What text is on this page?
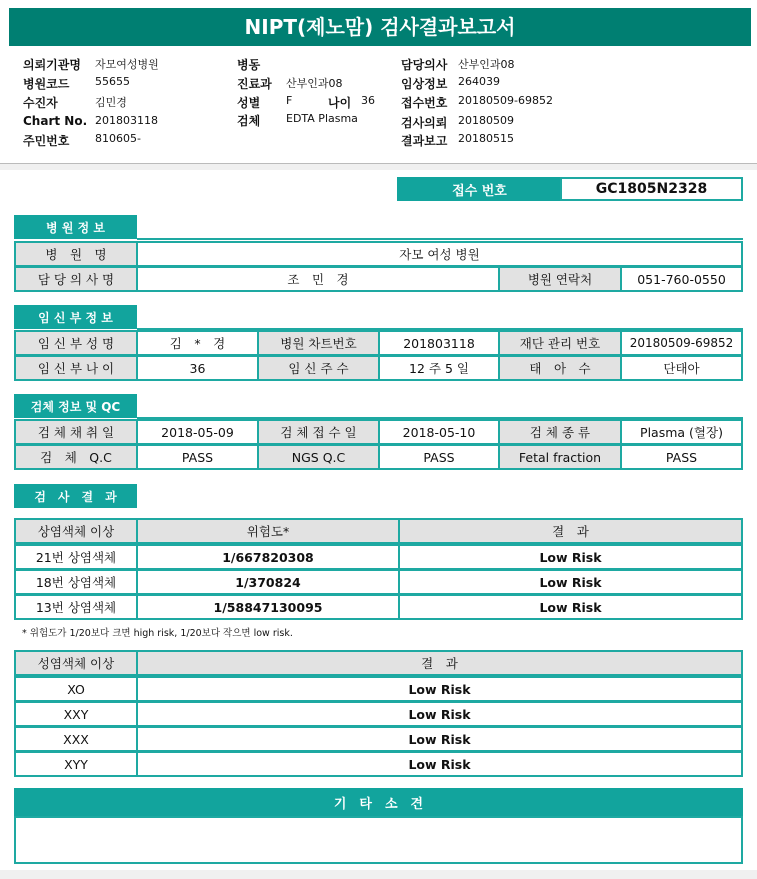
NIPT(제노맘) 검사결과보고서
의뢰기관명 자모여성병원
병원코드 55655
수진자	김민경
Chart No. 201803118
주민번호 810605-
병동
진료과 산부인과08
성별 F	나이 36
검체 EDTA Plasma
담당의사 산부인과08
임상정보 264039
접수번호 20180509-69852
검사의뢰 20180509
결과보고 20180515
접수 번호	GC1805N2328
병 원 정 보
병　원　명	자모 여성 병원
담 당 의 사 명	조　민　경	병원 연락처	051-760-0550
임 신 부 정 보
임 신 부 성 명	김　*　경	병원 차트번호	201803118	재단 관리 번호	20180509-69852
임 신 부 나 이	36	임 신 주 수	12 주 5 일	태　아　수	단태아
검체 정보 및 QC
검 체 채 취 일	2018-05-09	검 체 접 수 일	2018-05-10	검 체 종 류	Plasma (혈장)
검　체　Q.C	PASS	NGS Q.C	PASS	Fetal fraction	PASS
검　사　결　과
상염색체 이상	위험도*	결　과
21번 상염색체	1/667820308	Low Risk
18번 상염색체	1/370824	Low Risk
13번 상염색체	1/58847130095	Low Risk
* 위험도가 1/20보다 크면 high risk, 1/20보다 작으면 low risk.
성염색체 이상	결　과
XO	Low Risk
XXY	Low Risk
XXX	Low Risk
XYY	Low Risk
기　타　소　견
